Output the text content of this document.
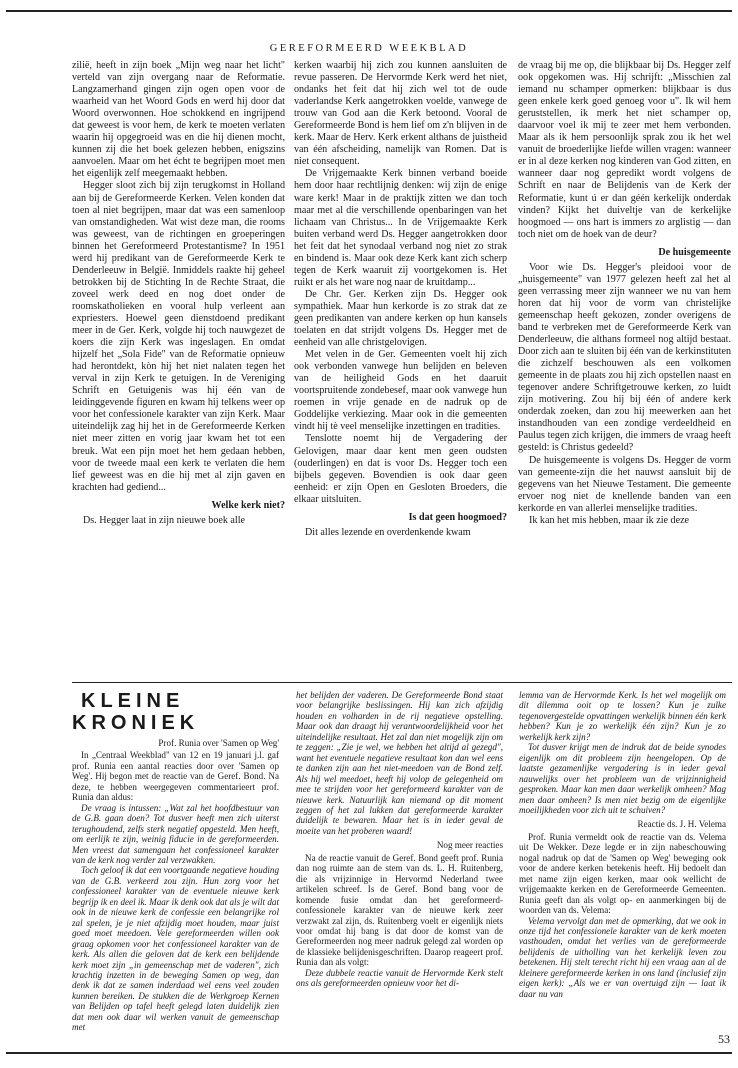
GEREFORMEERD WEEKBLAD

zilië, heeft in zijn boek „Mijn weg naar het licht" verteld van zijn overgang naar de Reformatie. Langzamerhand gingen zijn ogen open voor de waarheid van het Woord Gods en werd hij door dat Woord overwonnen. Hoe schokkend en ingrijpend dat geweest is voor hem, de kerk te moeten verlaten waarin hij opgegroeid was en die hij dienen mocht, kunnen zij die het boek gelezen hebben, enigszins aanvoelen. Maar om het écht te begrijpen moet men het eigenlijk zelf meegemaakt hebben.

Hegger sloot zich bij zijn terugkomst in Holland aan bij de Gereformeerde Kerken. Velen konden dat toen al niet begrijpen, maar dat was een samenloop van omstandigheden. Wat wist deze man, die rooms was geweest, van de richtingen en groeperingen binnen het Gereformeerd Protestantisme? In 1951 werd hij predikant van de Gereformeerde Kerk te Denderleeuw in België. Inmiddels raakte hij geheel betrokken bij de Stichting In de Rechte Straat, die zoveel werk deed en nog doet onder de roomskatholieken en vooral hulp verleent aan expriesters. Hoewel geen dienstdoend predikant meer in de Ger. Kerk, volgde hij toch nauwgezet de koers die zijn Kerk was ingeslagen. En omdat hijzelf het „Sola Fide" van de Reformatie opnieuw had herontdekt, kòn hij het niet nalaten tegen het verval in zijn Kerk te getuigen. In de Vereniging Schrift en Getuigenis was hij één van de leidinggevende figuren en kwam hij telkens weer op voor het confessionele karakter van zijn Kerk. Maar uiteindelijk zag hij het in de Gereformeerde Kerken niet meer zitten en vorig jaar kwam het tot een breuk. Wat een pijn moet het hem gedaan hebben, voor de tweede maal een kerk te verlaten die hem lief geweest was en die hij met al zijn gaven en krachten had gediend...

Welke kerk niet?

Ds. Hegger laat in zijn nieuwe boek alle

kerken waarbij hij zich zou kunnen aansluiten de revue passeren. De Hervormde Kerk werd het niet, ondanks het feit dat hij zich wel tot de oude vaderlandse Kerk aangetrokken voelde, vanwege de trouw van God aan die Kerk betoond. Vooral de Gereformeerde Bond is hem lief om z'n blijven in de kerk. Maar de Herv. Kerk erkent althans de juistheid van één afscheiding, namelijk van Romen. Dat is niet consequent.

De Vrijgemaakte Kerk binnen verband boeide hem door haar rechtlijnig denken: wij zijn de enige ware kerk! Maar in de praktijk zitten we dan toch maar met al die verschillende openbaringen van het lichaam van Christus... In de Vrijgemaakte Kerk buiten verband werd Ds. Hegger aangetrokken door het feit dat het synodaal verband nog niet zo strak en bindend is. Maar ook deze Kerk kant zich scherp tegen de Kerk waaruit zij voortgekomen is. Het ruikt er als het ware nog naar de kruitdamp...

De Chr. Ger. Kerken zijn Ds. Hegger ook sympathiek. Maar hun kerkorde is zo strak dat ze geen predikanten van andere kerken op hun kansels toelaten en dat strijdt volgens Ds. Hegger met de eenheid van alle christgelovigen.

Met velen in de Ger. Gemeenten voelt hij zich ook verbonden vanwege hun belijden en beleven van de heiligheid Gods en het daaruit voortspruitende zondebesef, maar ook vanwege hun roemen in vrije genade en de nadruk op de Goddelijke verkiezing. Maar ook in die gemeenten vindt hij tè veel menselijke inzettingen en tradities.

Tenslotte noemt hij de Vergadering der Gelovigen, maar daar kent men geen oudsten (ouderlingen) en dat is voor Ds. Hegger toch een bijbels gegeven. Bovendien is ook daar geen eenheid: er zijn Open en Gesloten Broeders, die elkaar uitsluiten.

Is dat geen hoogmoed?

Dit alles lezende en overdenkende kwam

de vraag bij me op, die blijkbaar bij Ds. Hegger zelf ook opgekomen was. Hij schrijft: „Misschien zal iemand nu schamper opmerken: blijkbaar is dus geen enkele kerk goed genoeg voor u". Ik wil hem geruststellen, ik merk het niet schamper op, daarvoor voel ik mij te zeer met hem verbonden. Maar als ik hem persoonlijk sprak zou ik het wel vanuit de broederlijke liefde willen vragen: wanneer er in al deze kerken nog kinderen van God zitten, en wanneer daar nog gepredikt wordt volgens de Schrift en naar de Belijdenis van de Kerk der Reformatie, kunt ú er dan géén kerkelijk onderdak vinden? Kijkt het duiveltje van de kerkelijke hoogmoed — ons hart is immers zo arglistig — dan toch niet om de hoek van de deur?

De huisgemeente

Voor wie Ds. Hegger's pleidooi voor de „huisgemeente" van 1977 gelezen heeft zal het al geen verrassing meer zijn wanneer we nu van hem horen dat hij voor de vorm van christelijke gemeenschap heeft gekozen, zonder overigens de band te verbreken met de Gereformeerde Kerk van Denderleeuw, die althans formeel nog altijd bestaat. Door zich aan te sluiten bij één van de kerkinstituten die zichzelf beschouwen als een volkomen gemeente in de plaats zou hij zich opstellen naast en tegenover andere Schriftgetrouwe kerken, zo luidt zijn motivering. Zou hij bij één of andere kerk onderdak zoeken, dan zou hij meewerken aan het instandhouden van een zondige verdeeldheid en Paulus tegen zich krijgen, die immers de vraag heeft gesteld: is Christus gedeeld?

De huisgemeente is volgens Ds. Hegger de vorm van gemeente-zijn die het nauwst aansluit bij de gegevens van het Nieuwe Testament. Die gemeente ervoer nog niet de knellende banden van een kerkorde en van allerlei menselijke tradities.

Ik kan het mis hebben, maar ik zie deze

KLEINE KRONIEK

Prof. Runia over 'Samen op Weg'

In „Centraal Weekblad" van 12 en 19 januari j.l. gaf prof. Runia een aantal reacties door over 'Samen op Weg'. Hij begon met de reactie van de Geref. Bond. Na deze, te hebben weergegeven commentarieert prof. Runia dan aldus:

De vraag is intussen: „Wat zal het hoofdbestuur van de G.B. gaan doen? Tot dusver heeft men zich uiterst terughoudend, zelfs sterk negatief opgesteld. Men heeft, om eerlijk te zijn, weinig fiducie in de gereformeerden. Men vreest dat samengaan het confessioneel karakter van de kerk nog verder zal verzwakken.

Toch geloof ik dat een voortgaande negatieve houding van de G.B. verkeerd zou zijn. Hun zorg voor het confessioneel karakter van de eventuele nieuwe kerk begrijp ik en deel ik. Maar ik denk ook dat als je wilt dat ook in de nieuwe kerk de confessie een belangrijke rol zal spelen, je je niet afzijdig moet houden, maar juist goed moet meedoen. Vele gereformeerden willen ook graag opkomen voor het confessioneel karakter van de kerk. Als allen die geloven dat de kerk een belijdende kerk moet zijn „in gemeenschap met de vaderen", zich krachtig inzetten in de beweging Samen op weg, dan denk ik dat ze samen inderdaad wel eens veel zouden kunnen bereiken. De stukken die de Werkgroep Kernen van Belijden op tafel heeft gelegd laten duidelijk zien dat men ook daar wil werken vanuit de gemeenschap met

het belijden der vaderen. De Gereformeerde Bond staat voor belangrijke beslissingen. Hij kan zich afzijdig houden en volharden in de rij negatieve opstelling. Maar ook dan draagt hij verantwoordelijkheid voor het uiteindelijke resultaat. Het zal dan niet mogelijk zijn om te zeggen: „Zie je wel, we hebben het altijd al gezegd", want het eventuele negatieve resultaat kon dan wel eens te danken zijn aan het niet-meedoen van de Bond zelf. Als hij wel meedoet, heeft hij volop de gelegenheid om mee te strijden voor het gereformeerd karakter van de nieuwe kerk. Natuurlijk kan niemand op dit moment zeggen of het zal lukken dat gereformeerde karakter duidelijk te bewaren. Maar het is in ieder geval de moeite van het proberen waard!

Nog meer reacties

Na de reactie vanuit de Geref. Bond geeft prof. Runia dan nog ruimte aan de stem van ds. L. H. Ruitenberg, die als vrijzinnige in Hervormd Nederland twee artikelen schreef. Is de Geref. Bond bang voor de komende fusie omdat dan het gereformeerd-confessionele karakter van de nieuwe kerk zeer verzwakt zal zijn, ds. Ruitenberg voelt er eigenlijk niets voor omdat hij bang is dat door de komst van de Gereformeerden nog meer nadruk gelegd zal worden op de klassieke belijdenisgeschriften. Daarop reageert prof. Runia dan als volgt:

Deze dubbele reactie vanuit de Hervormde Kerk stelt ons als gereformeerden opnieuw voor het di-

lemma van de Hervormde Kerk. Is het wel mogelijk om dit dilemma ooit op te lossen? Kun je zulke tegenovergestelde opvattingen werkelijk binnen één kerk hebben? Kun je zo werkelijk één zijn? Kun je zo werkelijk kerk zijn?

Tot dusver krijgt men de indruk dat de beide synodes eigenlijk om dit probleem zijn heengelopen. Op de laatste gezamenlijke vergadering is in ieder geval nauwelijks over het probleem van de vrijzinnigheid gesproken. Maar kan men daar werkelijk omheen? Mag men daar omheen? Is men niet bezig om de eigenlijke moeilijkheden voor zich uit te schuiven?

Reactie ds. J. H. Velema

Prof. Runia vermeldt ook de reactie van ds. Velema uit De Wekker. Deze legde er in zijn nabeschouwing nogal nadruk op dat de 'Samen op Weg' beweging ook voor de andere kerken betekenis heeft. Hij bedoelt dan met name zijn eigen kerken, maar ook wellicht de vrijgemaakte kerken en de Gereformeerde Gemeenten. Runia geeft dan als volgt op- en aanmerkingen bij de woorden van ds. Velema:

Velema vervolgt dan met de opmerking, dat we ook in onze tijd het confessionele karakter van de kerk moeten vasthouden, omdat het verlies van de gereformeerde belijdenis de uitholling van het kerkelijk leven zou betekenen. Hij stelt terecht richt hij een vraag aan al de kleinere gereformeerde kerken in ons land (inclusief zijn eigen kerk): „Als we er van overtuigd zijn — laat ik daar nu van

53
